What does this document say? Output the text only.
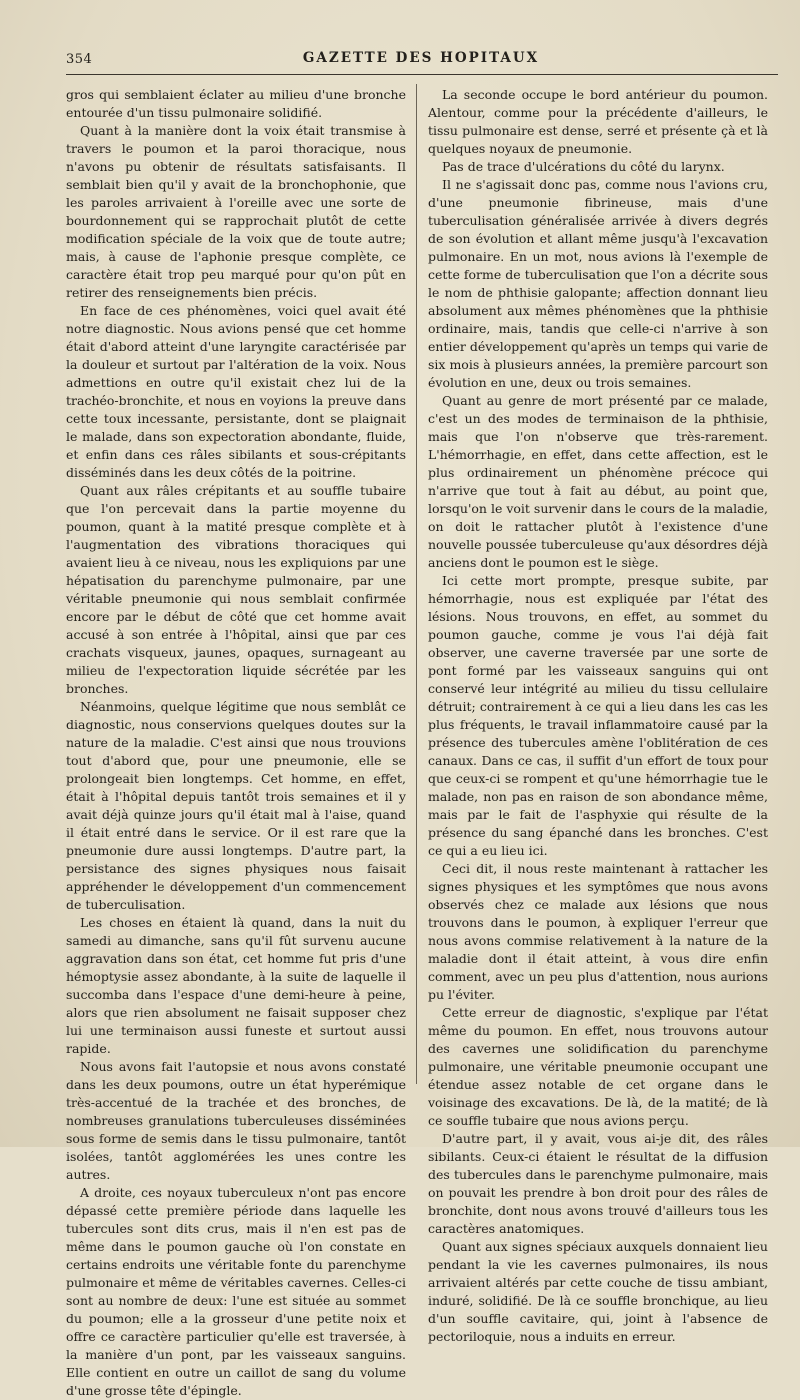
354	GAZETTE DES HOPITAUX

gros qui semblaient éclater au milieu d'une bronche entourée d'un tissu pulmonaire solidifié.

Quant à la manière dont la voix était transmise à travers le poumon et la paroi thoracique, nous n'avons pu obtenir de résultats satisfaisants. Il semblait bien qu'il y avait de la bronchophonie, que les paroles arrivaient à l'oreille avec une sorte de bourdonnement qui se rapprochait plutôt de cette modification spéciale de la voix que de toute autre; mais, à cause de l'aphonie presque complète, ce caractère était trop peu marqué pour qu'on pût en retirer des renseignements bien précis.

En face de ces phénomènes, voici quel avait été notre diagnostic. Nous avions pensé que cet homme était d'abord atteint d'une laryngite caractérisée par la douleur et surtout par l'altération de la voix. Nous admettions en outre qu'il existait chez lui de la trachéo-bronchite, et nous en voyions la preuve dans cette toux incessante, persistante, dont se plaignait le malade, dans son expectoration abondante, fluide, et enfin dans ces râles sibilants et sous-crépitants disséminés dans les deux côtés de la poitrine.

Quant aux râles crépitants et au souffle tubaire que l'on percevait dans la partie moyenne du poumon, quant à la matité presque complète et à l'augmentation des vibrations thoraciques qui avaient lieu à ce niveau, nous les expliquions par une hépatisation du parenchyme pulmonaire, par une véritable pneumonie qui nous semblait confirmée encore par le début de côté que cet homme avait accusé à son entrée à l'hôpital, ainsi que par ces crachats visqueux, jaunes, opaques, surnageant au milieu de l'expectoration liquide sécrétée par les bronches.

Néanmoins, quelque légitime que nous semblât ce diagnostic, nous conservions quelques doutes sur la nature de la maladie. C'est ainsi que nous trouvions tout d'abord que, pour une pneumonie, elle se prolongeait bien longtemps. Cet homme, en effet, était à l'hôpital depuis tantôt trois semaines et il y avait déjà quinze jours qu'il était mal à l'aise, quand il était entré dans le service. Or il est rare que la pneumonie dure aussi longtemps. D'autre part, la persistance des signes physiques nous faisait appréhender le développement d'un commencement de tuberculisation.

Les choses en étaient là quand, dans la nuit du samedi au dimanche, sans qu'il fût survenu aucune aggravation dans son état, cet homme fut pris d'une hémoptysie assez abondante, à la suite de laquelle il succomba dans l'espace d'une demi-heure à peine, alors que rien absolument ne faisait supposer chez lui une terminaison aussi funeste et surtout aussi rapide.

Nous avons fait l'autopsie et nous avons constaté dans les deux poumons, outre un état hyperémique très-accentué de la trachée et des bronches, de nombreuses granulations tuberculeuses disséminées sous forme de semis dans le tissu pulmonaire, tantôt isolées, tantôt agglomérées les unes contre les autres.

A droite, ces noyaux tuberculeux n'ont pas encore dépassé cette première période dans laquelle les tubercules sont dits crus, mais il n'en est pas de même dans le poumon gauche où l'on constate en certains endroits une véritable fonte du parenchyme pulmonaire et même de véritables cavernes. Celles-ci sont au nombre de deux: l'une est située au sommet du poumon; elle a la grosseur d'une petite noix et offre ce caractère particulier qu'elle est traversée, à la manière d'un pont, par les vaisseaux sanguins. Elle contient en outre un caillot de sang du volume d'une grosse tête d'épingle.

La seconde occupe le bord antérieur du poumon. Alentour, comme pour la précédente d'ailleurs, le tissu pulmonaire est dense, serré et présente çà et là quelques noyaux de pneumonie.

Pas de trace d'ulcérations du côté du larynx.

Il ne s'agissait donc pas, comme nous l'avions cru, d'une pneumonie fibrineuse, mais d'une tuberculisation généralisée arrivée à divers degrés de son évolution et allant même jusqu'à l'excavation pulmonaire. En un mot, nous avions là l'exemple de cette forme de tuberculisation que l'on a décrite sous le nom de phthisie galopante; affection donnant lieu absolument aux mêmes phénomènes que la phthisie ordinaire, mais, tandis que celle-ci n'arrive à son entier développement qu'après un temps qui varie de six mois à plusieurs années, la première parcourt son évolution en une, deux ou trois semaines.

Quant au genre de mort présenté par ce malade, c'est un des modes de terminaison de la phthisie, mais que l'on n'observe que très-rarement. L'hémorrhagie, en effet, dans cette affection, est le plus ordinairement un phénomène précoce qui n'arrive que tout à fait au début, au point que, lorsqu'on le voit survenir dans le cours de la maladie, on doit le rattacher plutôt à l'existence d'une nouvelle poussée tuberculeuse qu'aux désordres déjà anciens dont le poumon est le siège.

Ici cette mort prompte, presque subite, par hémorrhagie, nous est expliquée par l'état des lésions. Nous trouvons, en effet, au sommet du poumon gauche, comme je vous l'ai déjà fait observer, une caverne traversée par une sorte de pont formé par les vaisseaux sanguins qui ont conservé leur intégrité au milieu du tissu cellulaire détruit; contrairement à ce qui a lieu dans les cas les plus fréquents, le travail inflammatoire causé par la présence des tubercules amène l'oblitération de ces canaux. Dans ce cas, il suffit d'un effort de toux pour que ceux-ci se rompent et qu'une hémorrhagie tue le malade, non pas en raison de son abondance même, mais par le fait de l'asphyxie qui résulte de la présence du sang épanché dans les bronches. C'est ce qui a eu lieu ici.

Ceci dit, il nous reste maintenant à rattacher les signes physiques et les symptômes que nous avons observés chez ce malade aux lésions que nous trouvons dans le poumon, à expliquer l'erreur que nous avons commise relativement à la nature de la maladie dont il était atteint, à vous dire enfin comment, avec un peu plus d'attention, nous aurions pu l'éviter.

Cette erreur de diagnostic, s'explique par l'état même du poumon. En effet, nous trouvons autour des cavernes une solidification du parenchyme pulmonaire, une véritable pneumonie occupant une étendue assez notable de cet organe dans le voisinage des excavations. De là, de la matité; de là ce souffle tubaire que nous avions perçu.

D'autre part, il y avait, vous ai-je dit, des râles sibilants. Ceux-ci étaient le résultat de la diffusion des tubercules dans le parenchyme pulmonaire, mais on pouvait les prendre à bon droit pour des râles de bronchite, dont nous avons trouvé d'ailleurs tous les caractères anatomiques.

Quant aux signes spéciaux auxquels donnaient lieu pendant la vie les cavernes pulmonaires, ils nous arrivaient altérés par cette couche de tissu ambiant, induré, solidifié. De là ce souffle bronchique, au lieu d'un souffle cavitaire, qui, joint à l'absence de pectoriloquie, nous a induits en erreur.
